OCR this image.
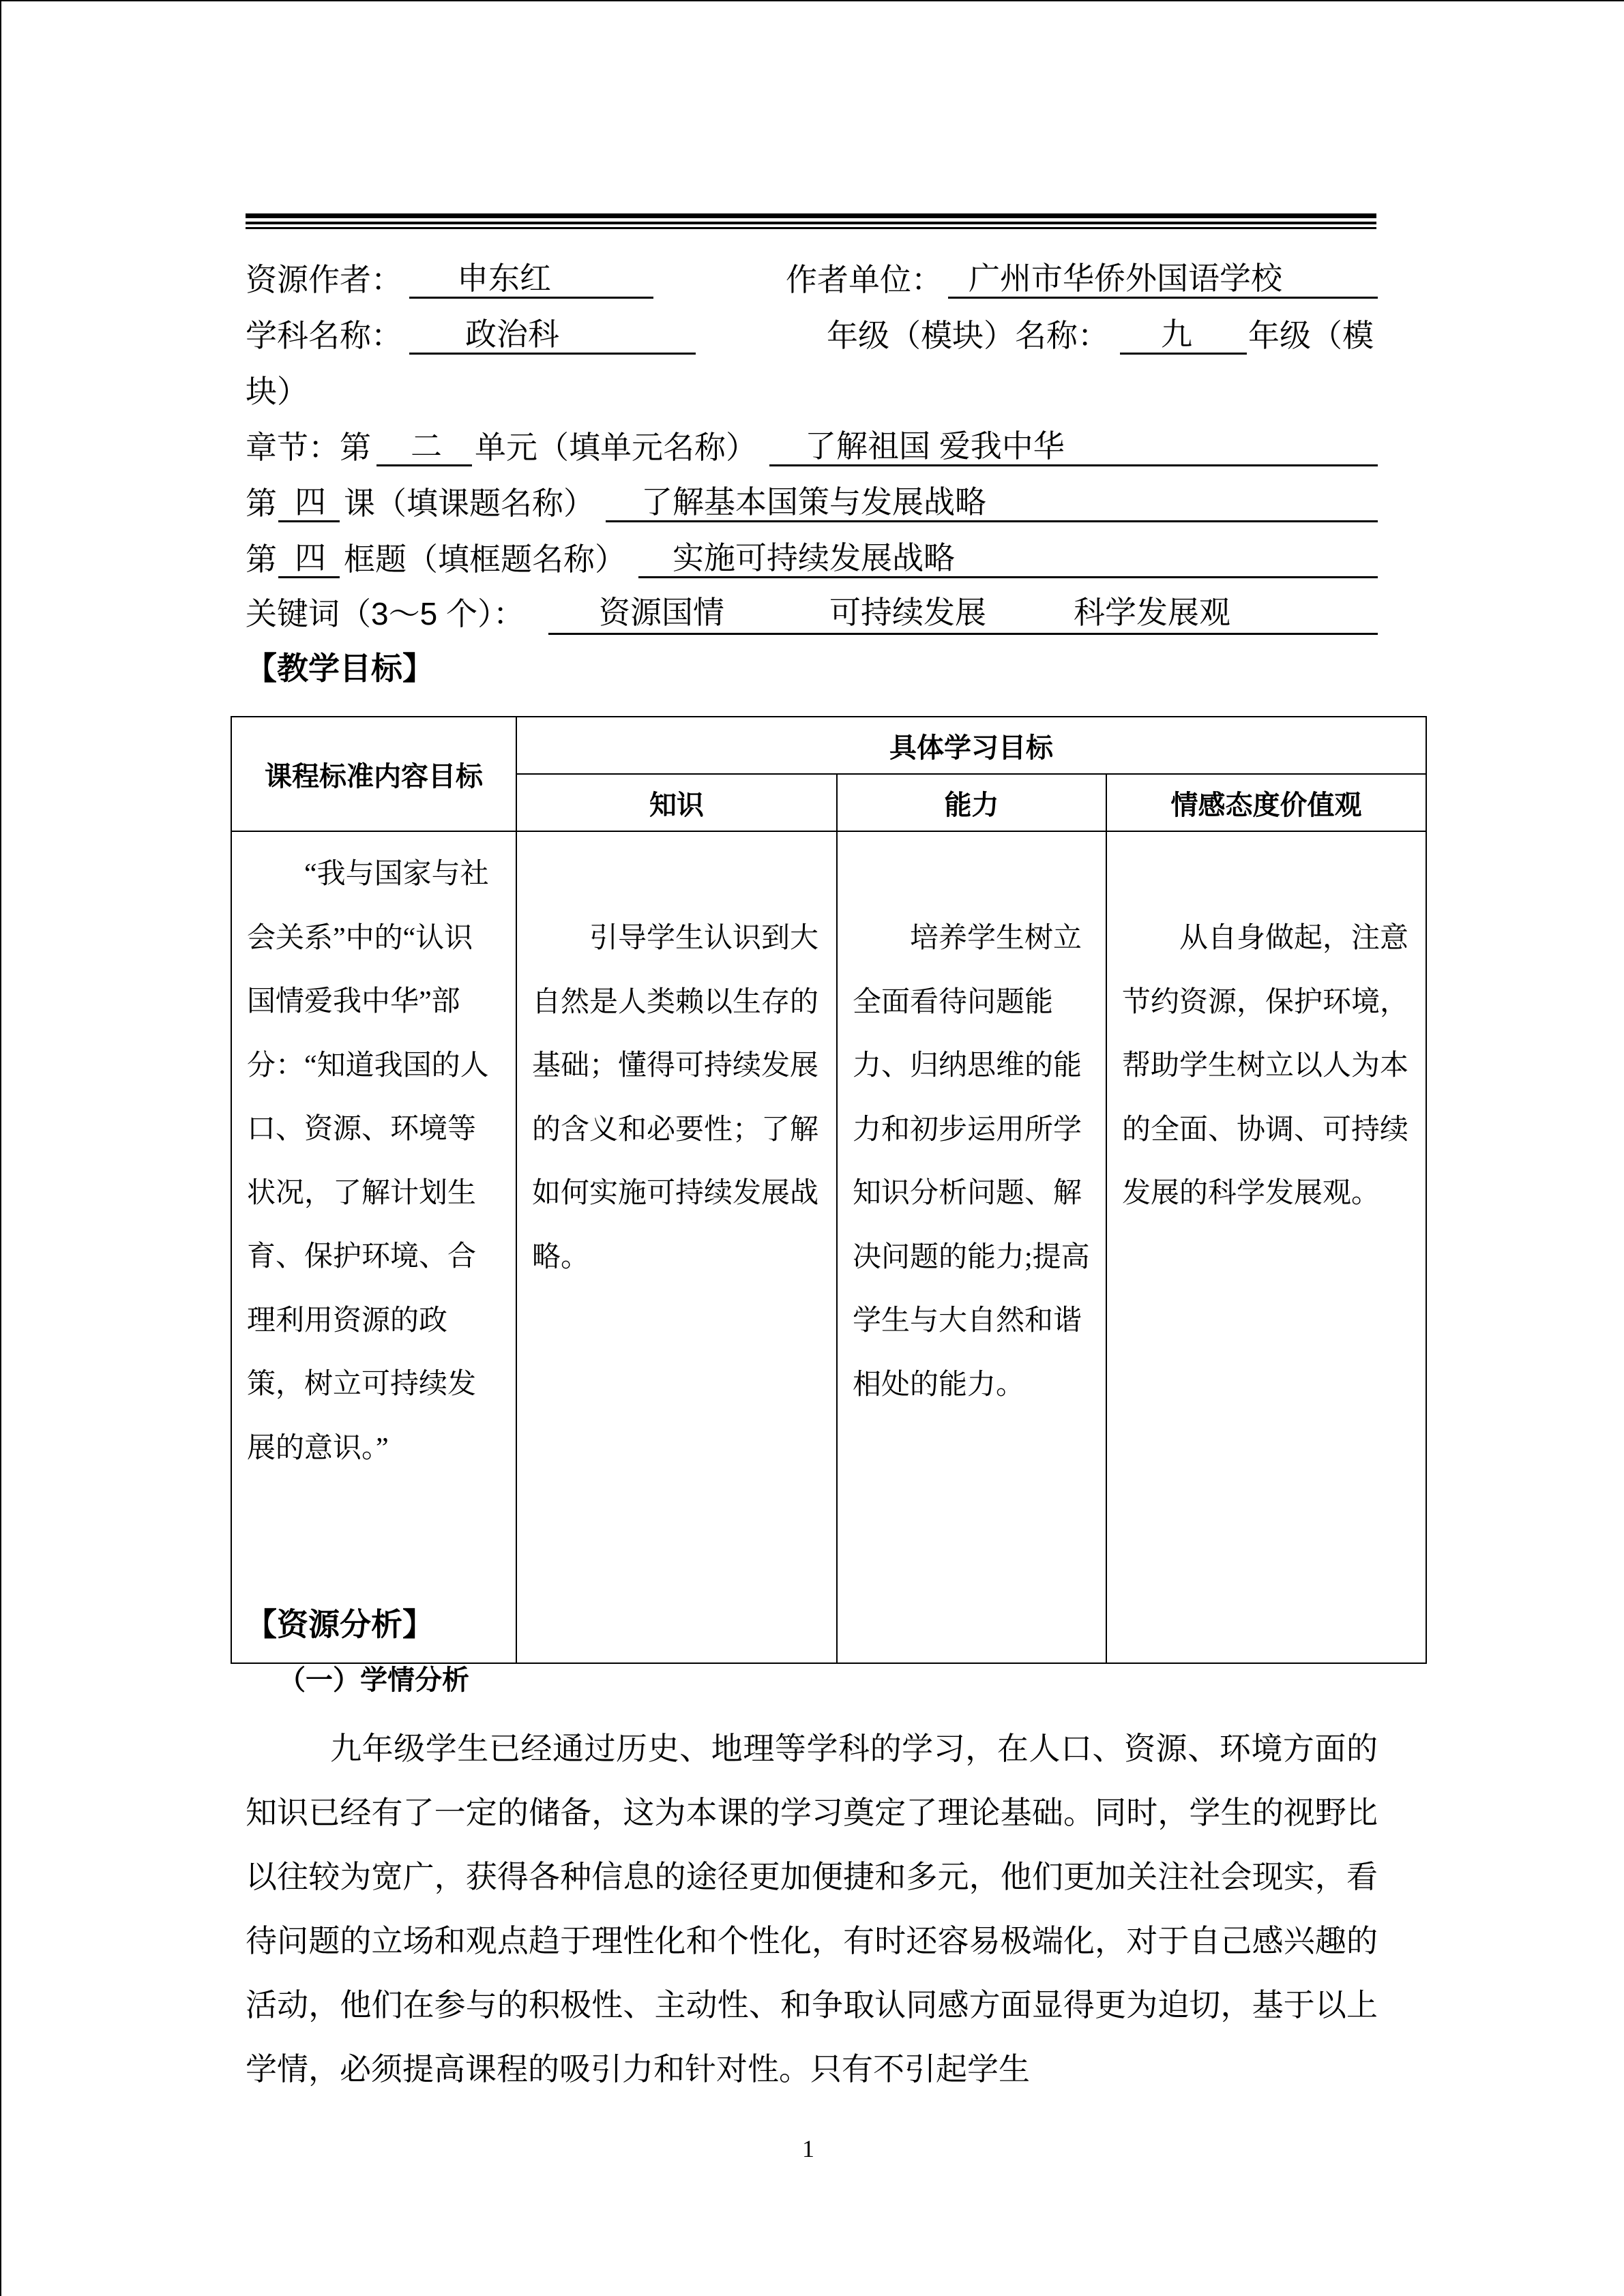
资源作者：	申东红	作者单位： 广州市华侨外国语学校
学科名称：	政治科	年级（模块）名称：	九	年级（模
块）
章节：第	二	单元（填单元名称）	了解祖国 爱我中华
第 四 课（填课题名称）	了解基本国策与发展战略
第 四 框题（填框题名称）	实施可持续发展战略
关键词（3～5 个）： 资源国情	可持续发展	科学发展观
【教学目标】
课程标准内容目标	具体学习目标		
	知识	能力	情感态度价值观
“我与国家与社会关系”中的“认识国情爱我中华”部分：“知道我国的人口、资源、环境等状况，了解计划生育、保护环境、合理利用资源的政策，树立可持续发展的意识。”	引导学生认识到大自然是人类赖以生存的基础；懂得可持续发展的含义和必要性；了解如何实施可持续发展战略。	培养学生树立全面看待问题能力、归纳思维的能力和初步运用所学知识分析问题、解决问题的能力;提高学生与大自然和谐相处的能力。	从自身做起，注意节约资源，保护环境，帮助学生树立以人为本的全面、协调、可持续发展的科学发展观。
【资源分析】
（一）学情分析
九年级学生已经通过历史、地理等学科的学习，在人口、资源、环境方面的知识已经有了一定的储备，这为本课的学习奠定了理论基础。同时，学生的视野比以往较为宽广，获得各种信息的途径更加便捷和多元，他们更加关注社会现实，看待问题的立场和观点趋于理性化和个性化，有时还容易极端化，对于自己感兴趣的活动，他们在参与的积极性、主动性、和争取认同感方面显得更为迫切，基于以上学情，必须提高课程的吸引力和针对性。只有不引起学生
1
